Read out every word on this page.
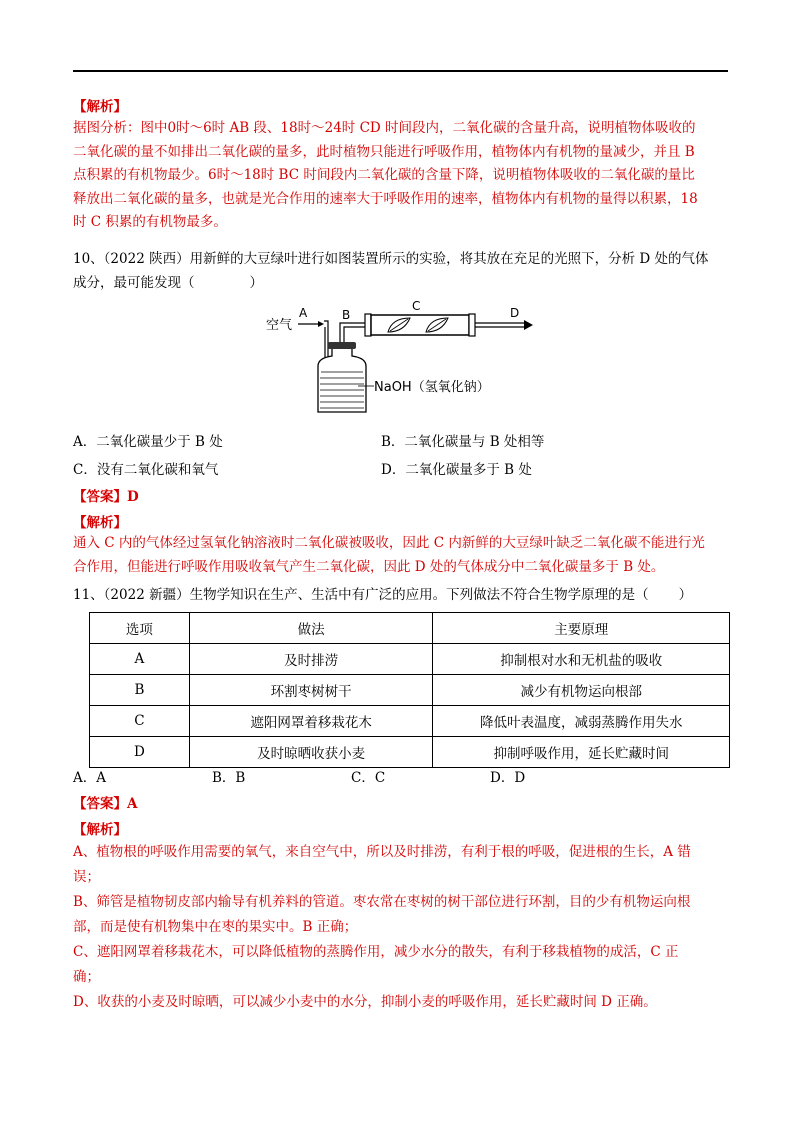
【解析】
据图分析：图中0时～6时 AB 段、18时～24时 CD 时间段内，二氧化碳的含量升高，说明植物体吸收的
二氧化碳的量不如排出二氧化碳的量多，此时植物只能进行呼吸作用，植物体内有机物的量减少，并且 B
点积累的有机物最少。6时～18时 BC 时间段内二氧化碳的含量下降，说明植物体吸收的二氧化碳的量比
释放出二氧化碳的量多，也就是光合作用的速率大于呼吸作用的速率，植物体内有机物的量得以积累，18
时 C 积累的有机物最多。
10、（2022 陕西）用新鲜的大豆绿叶进行如图装置所示的实验，将其放在充足的光照下，分析 D 处的气体
成分，最可能发现（	）
空气
A	B
C	D
NaOH（氢氧化钠）
A．二氧化碳量少于 B 处	B．二氧化碳量与 B 处相等
C．没有二氧化碳和氧气	D．二氧化碳量多于 B 处
【答案】D
【解析】
通入 C 内的气体经过氢氧化钠溶液时二氧化碳被吸收，因此 C 内新鲜的大豆绿叶缺乏二氧化碳不能进行光
合作用，但能进行呼吸作用吸收氧气产生二氧化碳，因此 D 处的气体成分中二氧化碳量多于 B 处。
11、（2022 新疆）生物学知识在生产、生活中有广泛的应用。下列做法不符合生物学原理的是（ ）
选项	做法	主要原理
A	及时排涝	抑制根对水和无机盐的吸收
B	环割枣树树干	减少有机物运向根部
C	遮阳网罩着移栽花木	降低叶表温度，减弱蒸腾作用失水
D	及时晾晒收获小麦	抑制呼吸作用，延长贮藏时间
A．A	B．B	C．C	D．D
【答案】A
【解析】
A、植物根的呼吸作用需要的氧气，来自空气中，所以及时排涝，有利于根的呼吸，促进根的生长，A 错
误；
B、筛管是植物韧皮部内输导有机养料的管道。枣农常在枣树的树干部位进行环割，目的少有机物运向根
部，而是使有机物集中在枣的果实中。B 正确；
C、遮阳网罩着移栽花木，可以降低植物的蒸腾作用，减少水分的散失，有利于移栽植物的成活，C 正
确；
D、收获的小麦及时晾晒，可以减少小麦中的水分，抑制小麦的呼吸作用，延长贮藏时间 D 正确。
